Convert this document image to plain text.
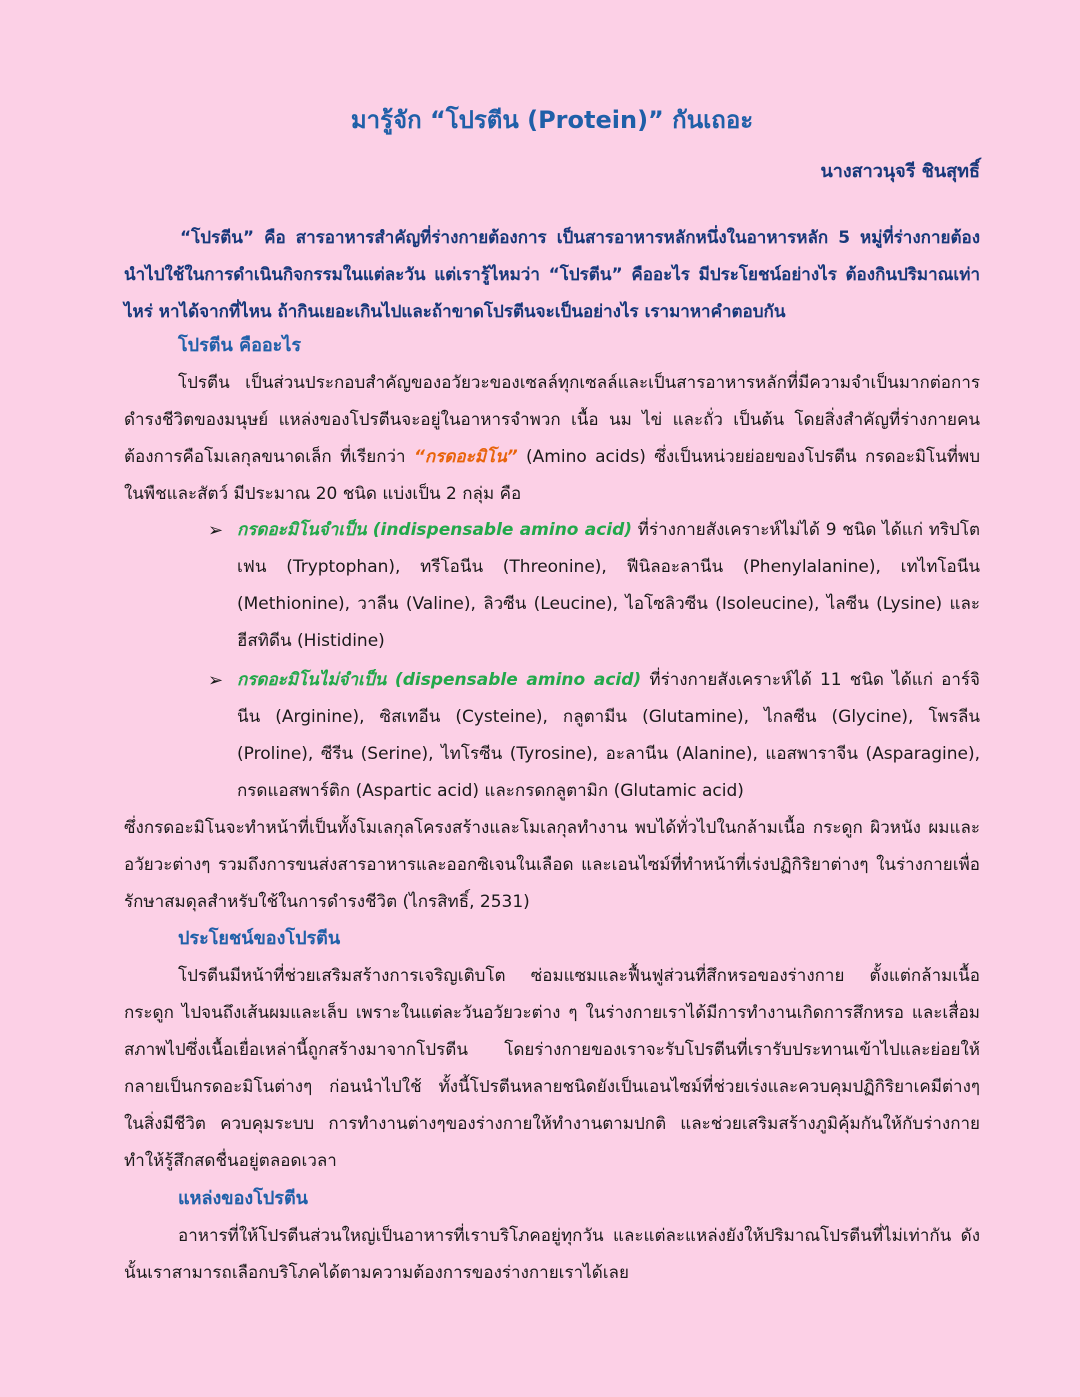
มารู้จัก “โปรตีน (Protein)” กันเถอะ
นางสาวนุจรี ชินสุทธิ์
“โปรตีน” คือ สารอาหารสำคัญที่ร่างกายต้องการ เป็นสารอาหารหลักหนึ่งในอาหารหลัก 5 หมู่ที่ร่างกายต้องนำไปใช้ในการดำเนินกิจกรรมในแต่ละวัน แต่เรารู้ไหมว่า “โปรตีน” คืออะไร มีประโยชน์อย่างไร ต้องกินปริมาณเท่าไหร่ หาได้จากที่ไหน ถ้ากินเยอะเกินไปและถ้าขาดโปรตีนจะเป็นอย่างไร เรามาหาคำตอบกัน
โปรตีน คืออะไร
โปรตีน เป็นส่วนประกอบสำคัญของอวัยวะของเซลล์ทุกเซลล์และเป็นสารอาหารหลักที่มีความจำเป็นมากต่อการดำรงชีวิตของมนุษย์ แหล่งของโปรตีนจะอยู่ในอาหารจำพวก เนื้อ นม ไข่ และถั่ว เป็นต้น โดยสิ่งสำคัญที่ร่างกายคนต้องการคือโมเลกุลขนาดเล็ก ที่เรียกว่า “กรดอะมิโน” (Amino acids) ซึ่งเป็นหน่วยย่อยของโปรตีน กรดอะมิโนที่พบในพืชและสัตว์ มีประมาณ 20 ชนิด แบ่งเป็น 2 กลุ่ม คือ
➢ กรดอะมิโนจำเป็น (indispensable amino acid) ที่ร่างกายสังเคราะห์ไม่ได้ 9 ชนิด ได้แก่ ทริปโตเฟน (Tryptophan), ทรีโอนีน (Threonine), ฟีนิลอะลานีน (Phenylalanine), เทไทโอนีน (Methionine), วาลีน (Valine), ลิวซีน (Leucine), ไอโซลิวซีน (Isoleucine), ไลซีน (Lysine) และฮีสทิดีน (Histidine)
➢ กรดอะมิโนไม่จำเป็น (dispensable amino acid) ที่ร่างกายสังเคราะห์ได้ 11 ชนิด ได้แก่ อาร์จินีน (Arginine), ซิสเทอีน (Cysteine), กลูตามีน (Glutamine), ไกลซีน (Glycine), โพรลีน (Proline), ซีรีน (Serine), ไทโรซีน (Tyrosine), อะลานีน (Alanine), แอสพาราจีน (Asparagine), กรดแอสพาร์ติก (Aspartic acid) และกรดกลูตามิก (Glutamic acid)
ซึ่งกรดอะมิโนจะทำหน้าที่เป็นทั้งโมเลกุลโครงสร้างและโมเลกุลทำงาน พบได้ทั่วไปในกล้ามเนื้อ กระดูก ผิวหนัง ผมและอวัยวะต่างๆ รวมถึงการขนส่งสารอาหารและออกซิเจนในเลือด และเอนไซม์ที่ทำหน้าที่เร่งปฏิกิริยาต่างๆ ในร่างกายเพื่อ รักษาสมดุลสำหรับใช้ในการดำรงชีวิต (ไกรสิทธิ์, 2531)
ประโยชน์ของโปรตีน
โปรตีนมีหน้าที่ช่วยเสริมสร้างการเจริญเติบโต ซ่อมแซมและฟื้นฟูส่วนที่สึกหรอของร่างกาย ตั้งแต่กล้ามเนื้อกระดูก ไปจนถึงเส้นผมและเล็บ เพราะในแต่ละวันอวัยวะต่าง ๆ ในร่างกายเราได้มีการทำงานเกิดการสึกหรอ และเสื่อมสภาพไปซึ่งเนื้อเยื่อเหล่านี้ถูกสร้างมาจากโปรตีน โดยร่างกายของเราจะรับโปรตีนที่เรารับประทานเข้าไปและย่อยให้กลายเป็นกรดอะมิโนต่างๆ ก่อนนำไปใช้ ทั้งนี้โปรตีนหลายชนิดยังเป็นเอนไซม์ที่ช่วยเร่งและควบคุมปฏิกิริยาเคมีต่างๆ ในสิ่งมีชีวิต ควบคุมระบบ การทำงานต่างๆของร่างกายให้ทำงานตามปกติ และช่วยเสริมสร้างภูมิคุ้มกันให้กับร่างกายทำให้รู้สึกสดชื่นอยู่ตลอดเวลา
แหล่งของโปรตีน
อาหารที่ให้โปรตีนส่วนใหญ่เป็นอาหารที่เราบริโภคอยู่ทุกวัน และแต่ละแหล่งยังให้ปริมาณโปรตีนที่ไม่เท่ากัน ดังนั้นเราสามารถเลือกบริโภคได้ตามความต้องการของร่างกายเราได้เลย
